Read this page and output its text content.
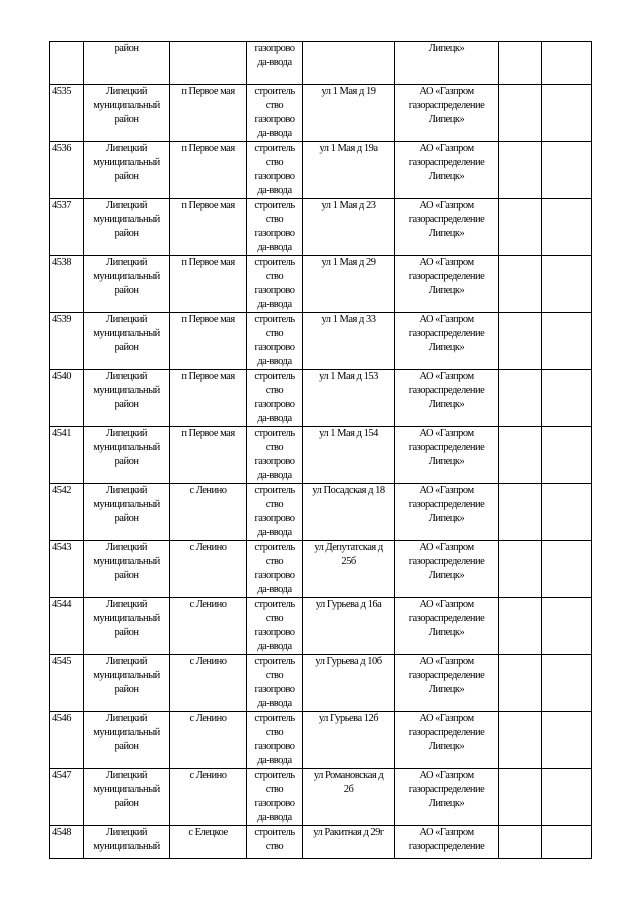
	район		газопрово
да-ввода		Липецк»		

4535	Липецкий
муниципальный
район	п Первое мая	строитель
ство
газопрово
да-ввода	ул 1 Мая д 19	АО «Газпром
газораспределение
Липецк»		

4536	Липецкий
муниципальный
район	п Первое мая	строитель
ство
газопрово
да-ввода	ул 1 Мая д 19а	АО «Газпром
газораспределение
Липецк»		

4537	Липецкий
муниципальный
район	п Первое мая	строитель
ство
газопрово
да-ввода	ул 1 Мая д 23	АО «Газпром
газораспределение
Липецк»		

4538	Липецкий
муниципальный
район	п Первое мая	строитель
ство
газопрово
да-ввода	ул 1 Мая д 29	АО «Газпром
газораспределение
Липецк»		

4539	Липецкий
муниципальный
район	п Первое мая	строитель
ство
газопрово
да-ввода	ул 1 Мая д 33	АО «Газпром
газораспределение
Липецк»		

4540	Липецкий
муниципальный
район	п Первое мая	строитель
ство
газопрово
да-ввода	ул 1 Мая д 153	АО «Газпром
газораспределение
Липецк»		

4541	Липецкий
муниципальный
район	п Первое мая	строитель
ство
газопрово
да-ввода	ул 1 Мая д 154	АО «Газпром
газораспределение
Липецк»		

4542	Липецкий
муниципальный
район	с Ленино	строитель
ство
газопрово
да-ввода	ул Посадская д 18	АО «Газпром
газораспределение
Липецк»		

4543	Липецкий
муниципальный
район	с Ленино	строитель
ство
газопрово
да-ввода	ул Депутатская д
25б	АО «Газпром
газораспределение
Липецк»		

4544	Липецкий
муниципальный
район	с Ленино	строитель
ство
газопрово
да-ввода	ул Гурьева д 16а	АО «Газпром
газораспределение
Липецк»		

4545	Липецкий
муниципальный
район	с Ленино	строитель
ство
газопрово
да-ввода	ул Гурьева д 10б	АО «Газпром
газораспределение
Липецк»		

4546	Липецкий
муниципальный
район	с Ленино	строитель
ство
газопрово
да-ввода	ул Гурьева 12б	АО «Газпром
газораспределение
Липецк»		

4547	Липецкий
муниципальный
район	с Ленино	строитель
ство
газопрово
да-ввода	ул Романовская д
2б	АО «Газпром
газораспределение
Липецк»		

4548	Липецкий
муниципальный	с Елецкое	строитель
ство	ул Ракитная д 29г	АО «Газпром
газораспределение		
